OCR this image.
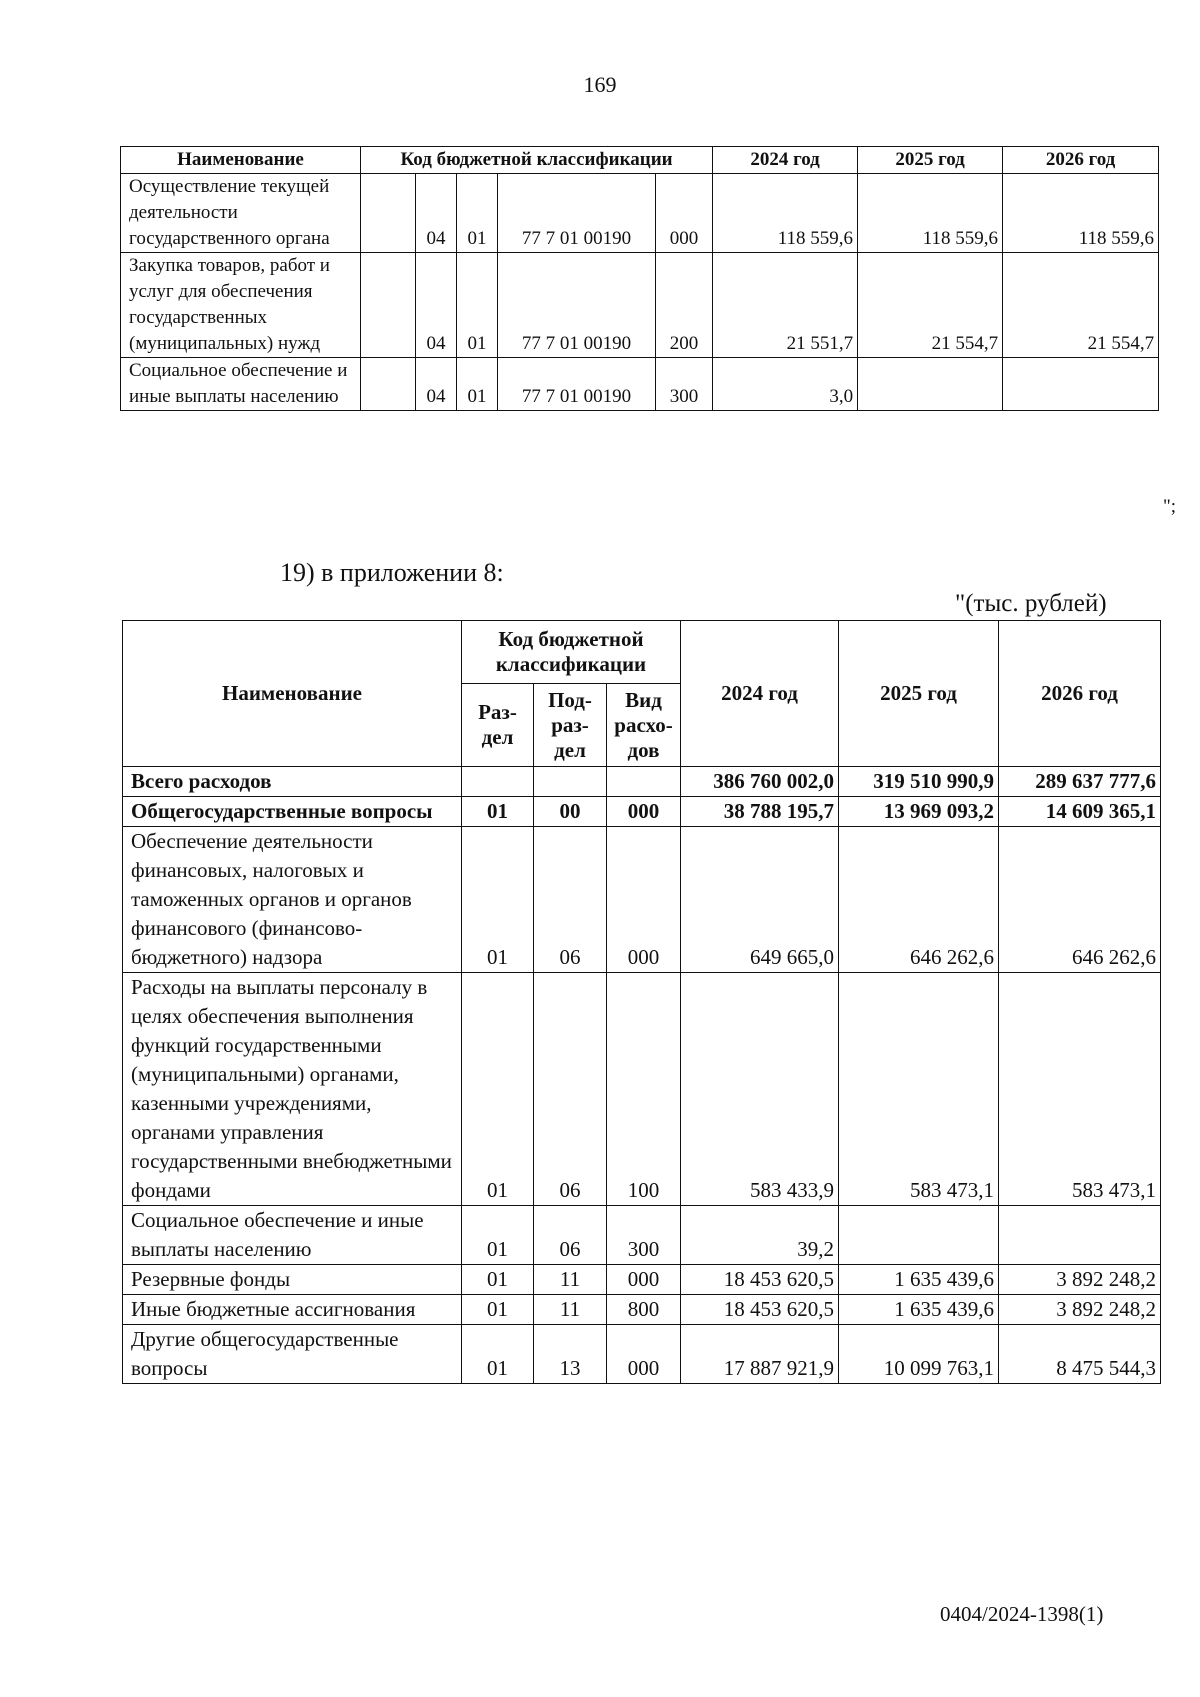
169
Наименование	Код бюджетной классификации					2024 год	2025 год	2026 год
Осуществление текущей деятельности государственного органа		04	01	77 7 01 00190	000	118 559,6	118 559,6	118 559,6
Закупка товаров, работ и услуг для обеспечения государственных (муниципальных) нужд		04	01	77 7 01 00190	200	21 551,7	21 554,7	21 554,7
Социальное обеспечение и иные выплаты населению		04	01	77 7 01 00190	300	3,0		
";
19) в приложении 8:
"(тыс. рублей)
Наименование	Код бюджетной классификации			2024 год	2025 год	2026 год
	Раз-дел	Под-раз-дел	Вид расхо-дов			
Всего расходов				386 760 002,0	319 510 990,9	289 637 777,6
Общегосударственные вопросы	01	00	000	38 788 195,7	13 969 093,2	14 609 365,1
Обеспечение деятельности финансовых, налоговых и таможенных органов и органов финансового (финансово-бюджетного) надзора	01	06	000	649 665,0	646 262,6	646 262,6
Расходы на выплаты персоналу в целях обеспечения выполнения функций государственными (муниципальными) органами, казенными учреждениями, органами управления государственными внебюджетными фондами	01	06	100	583 433,9	583 473,1	583 473,1
Социальное обеспечение и иные выплаты населению	01	06	300	39,2		
Резервные фонды	01	11	000	18 453 620,5	1 635 439,6	3 892 248,2
Иные бюджетные ассигнования	01	11	800	18 453 620,5	1 635 439,6	3 892 248,2
Другие общегосударственные вопросы	01	13	000	17 887 921,9	10 099 763,1	8 475 544,3
0404/2024-1398(1)
